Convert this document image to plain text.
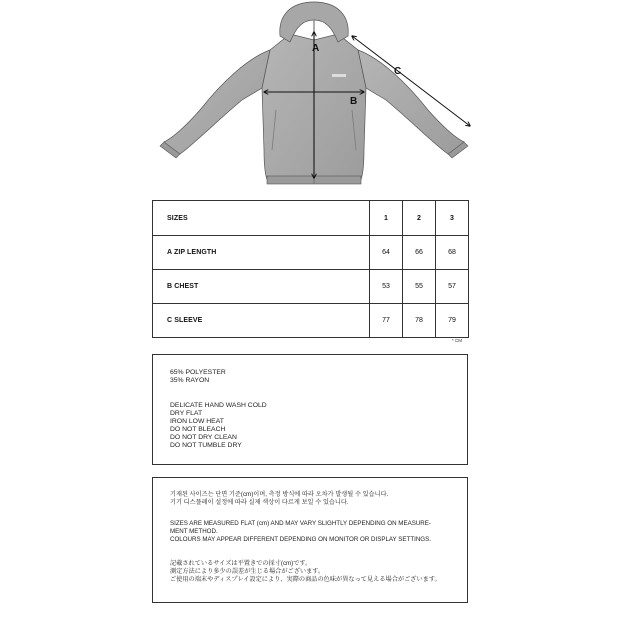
A
B
C
SIZES	1	2	3
A ZIP LENGTH	64	66	68
B CHEST	53	55	57
C SLEEVE	77	78	79
* CM
65% POLYESTER
35% RAYON
DELICATE HAND WASH COLD
DRY FLAT
IRON LOW HEAT
DO NOT BLEACH
DO NOT DRY CLEAN
DO NOT TUMBLE DRY
기재된 사이즈는 단면 기준(cm)이며, 측정 방식에 따라 오차가 발생될 수 있습니다.
기기 디스플레이 설정에 따라 실제 색상이 다르게 보일 수 있습니다.
SIZES ARE MEASURED FLAT (cm) AND MAY VARY SLIGHTLY DEPENDING ON MEASURE-
MENT METHOD.
COLOURS MAY APPEAR DIFFERENT DEPENDING ON MONITOR OR DISPLAY SETTINGS.
記載されているサイズは平置きでの採寸(cm)です。
測定方法により多少の誤差が生じる場合がございます。
ご使用の端末やディスプレイ設定により、実際の商品の色味が異なって見える場合がございます。
